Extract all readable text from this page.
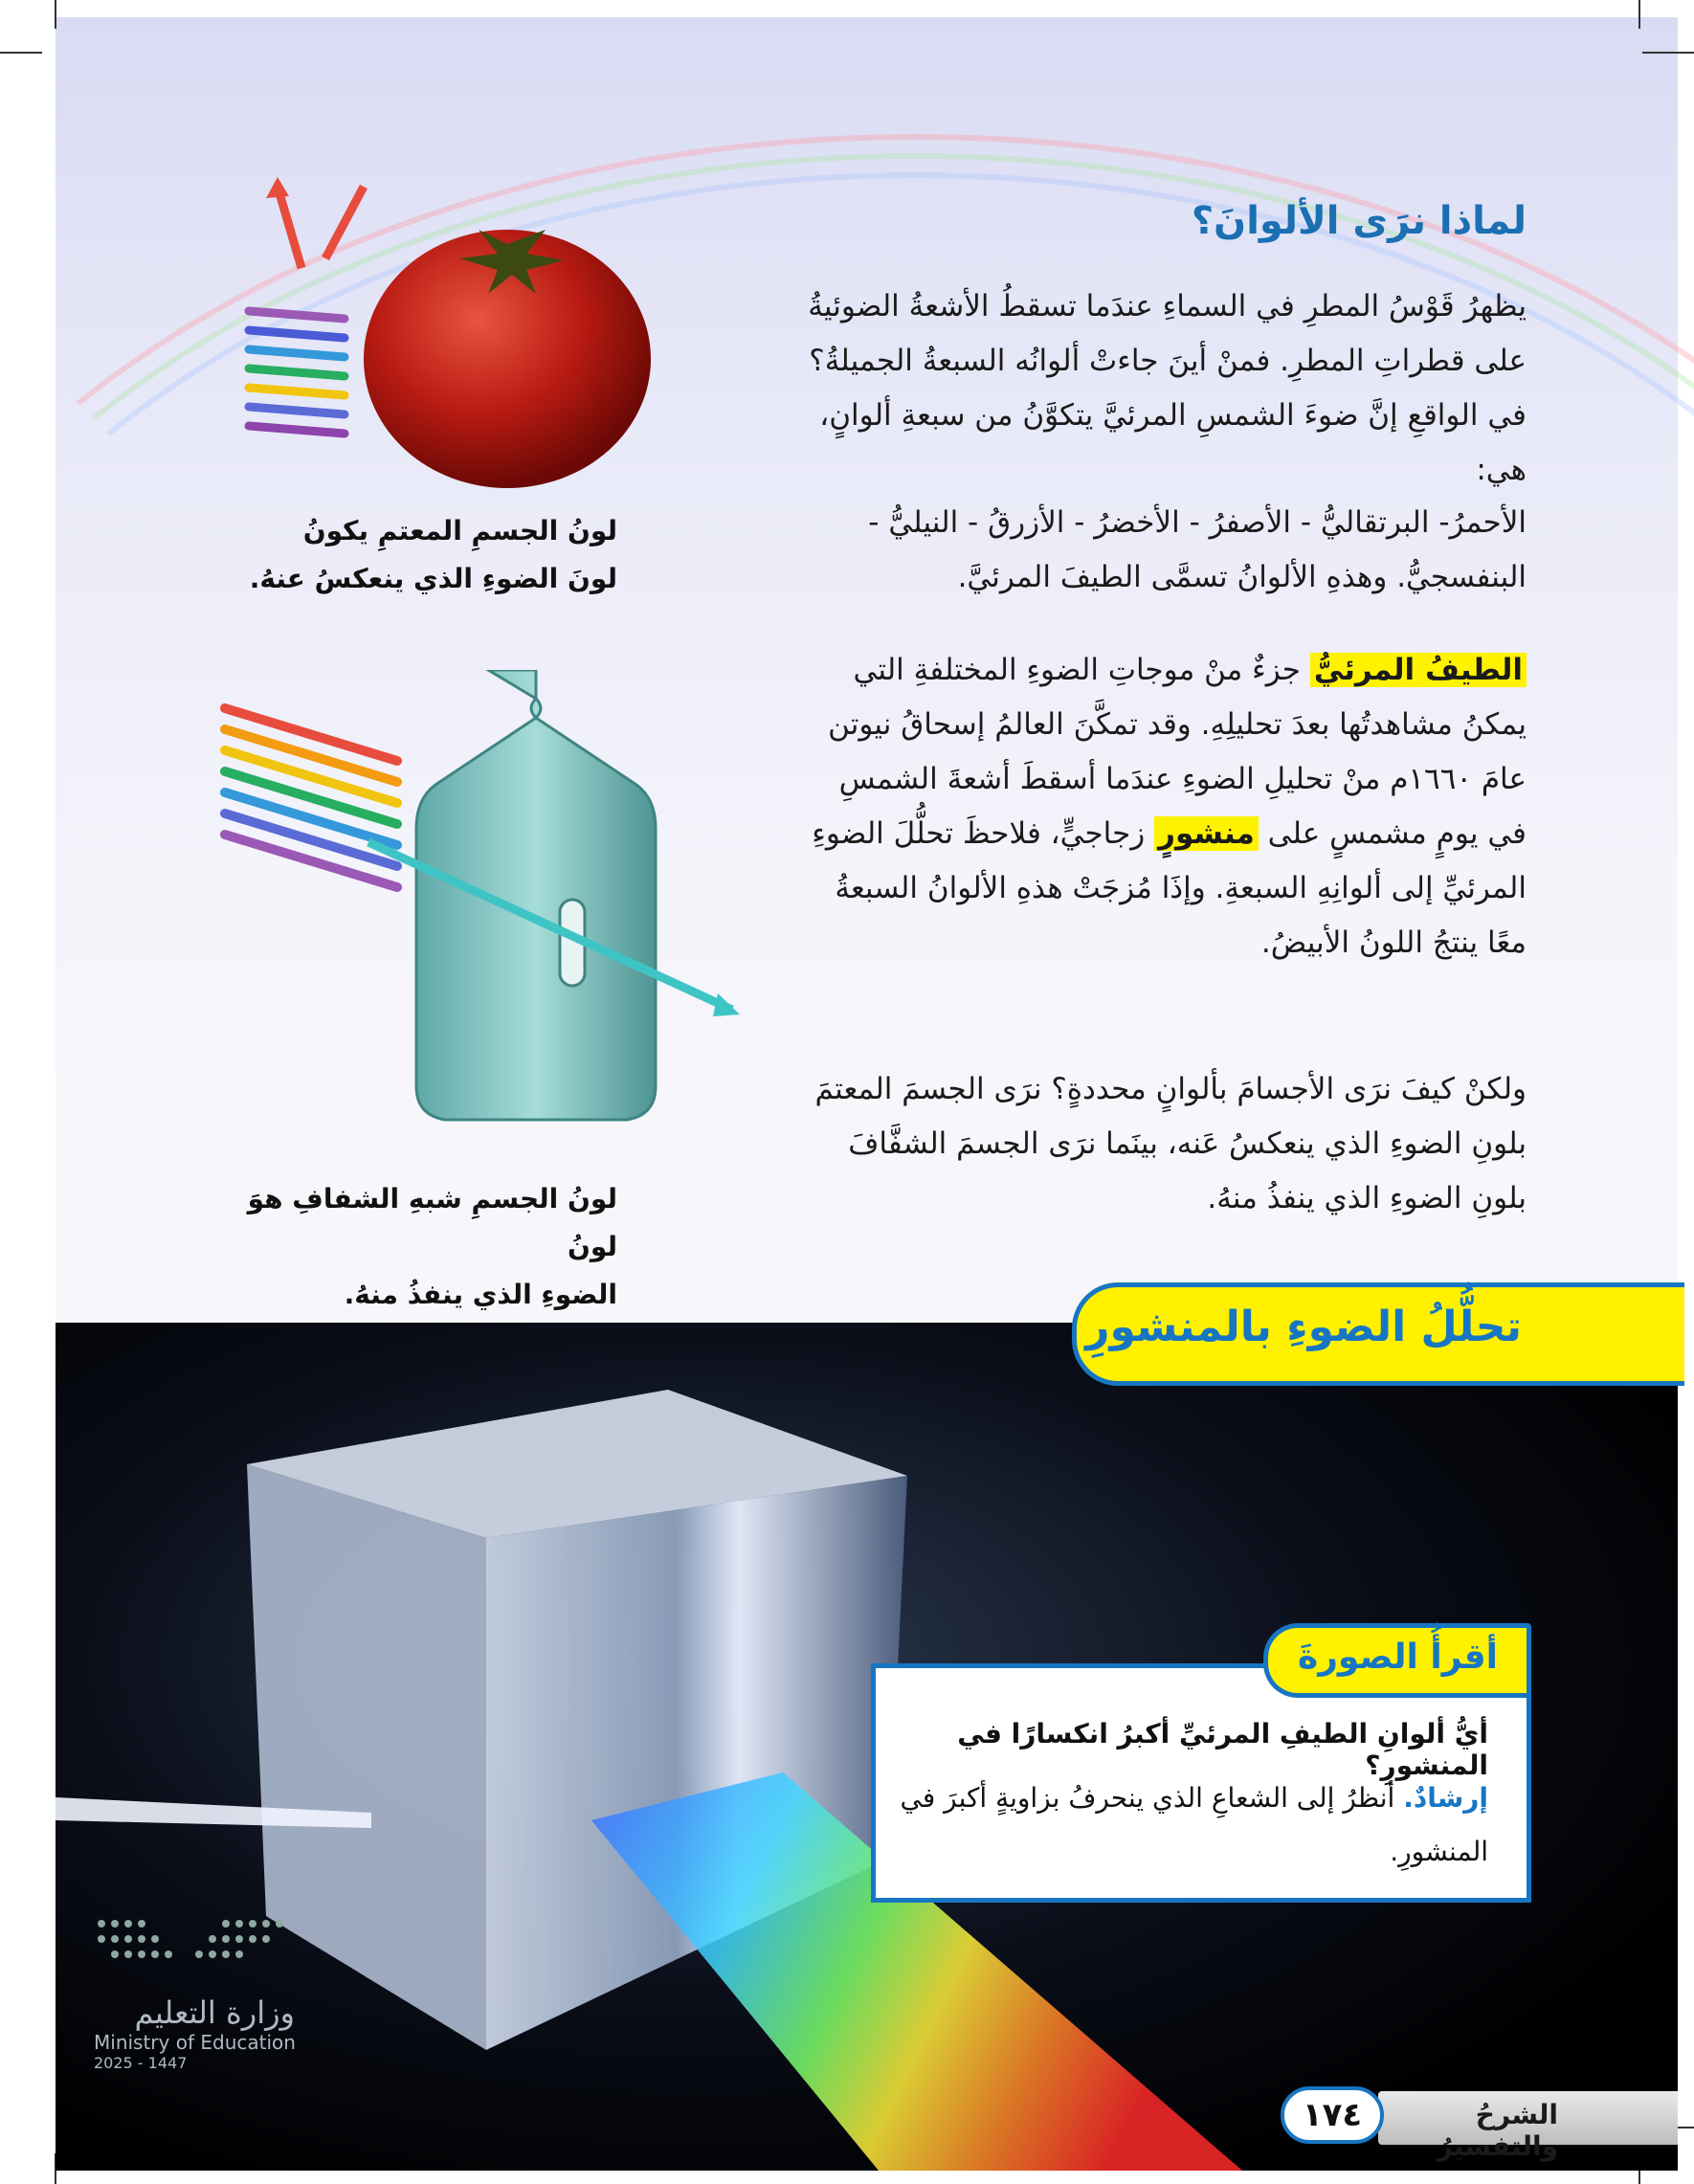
لونُ الجسمِ المعتمِ يكونُ
لونَ الضوءِ الذي ينعكسُ عنهُ.
لونُ الجسمِ شبهِ الشفافِ هوَ لونُ
الضوءِ الذي ينفذُ منهُ.
لماذا نرَى الألوانَ؟
يظهرُ قَوْسُ المطرِ في السماءِ عندَما تسقطُ الأشعةُ الضوئيةُ على قطراتِ المطرِ. فمنْ أينَ جاءتْ ألوانُه السبعةُ الجميلةُ؟ في الواقعِ إنَّ ضوءَ الشمسِ المرئيَّ يتكوَّنُ من سبعةِ ألوانٍ، هي:
الأحمرُ- البرتقاليُّ - الأصفرُ - الأخضرُ - الأزرقُ - النيليُّ - البنفسجيُّ. وهذهِ الألوانُ تسمَّى الطيفَ المرئيَّ.
الطيفُ المرئيُّ جزءٌ منْ موجاتِ الضوءِ المختلفةِ التي يمكنُ مشاهدتُها بعدَ تحليلِهِ. وقد تمكَّنَ العالمُ إسحاقُ نيوتن عامَ ١٦٦٠م منْ تحليلِ الضوءِ عندَما أسقطَ أشعةَ الشمسِ في يومٍ مشمسٍ على منشورٍ زجاجيٍّ، فلاحظَ تحلُّلَ الضوءِ المرئيِّ إلى ألوانِهِ السبعةِ. وإذَا مُزجَتْ هذهِ الألوانُ السبعةُ معًا ينتجُ اللونُ الأبيضُ.
ولكنْ كيفَ نرَى الأجسامَ بألوانٍ محددةٍ؟ نرَى الجسمَ المعتمَ بلونِ الضوءِ الذي ينعكسُ عَنه، بينَما نرَى الجسمَ الشفَّافَ بلونِ الضوءِ الذي ينفذُ منهُ.
تحلُّلُ الضوءِ بالمنشورِ
أيُّ ألوانِ الطيفِ المرئيِّ أكبرُ انكسارًا في المنشورِ؟
إرشادٌ. أنظرُ إلى الشعاعِ الذي ينحرفُ بزاويةٍ أكبرَ في المنشورِ.
أقرأُ الصورةَ
وزارة التعليم
Ministry of Education
2025 - 1447
الشرحُ والتفسيرُ
١٧٤
